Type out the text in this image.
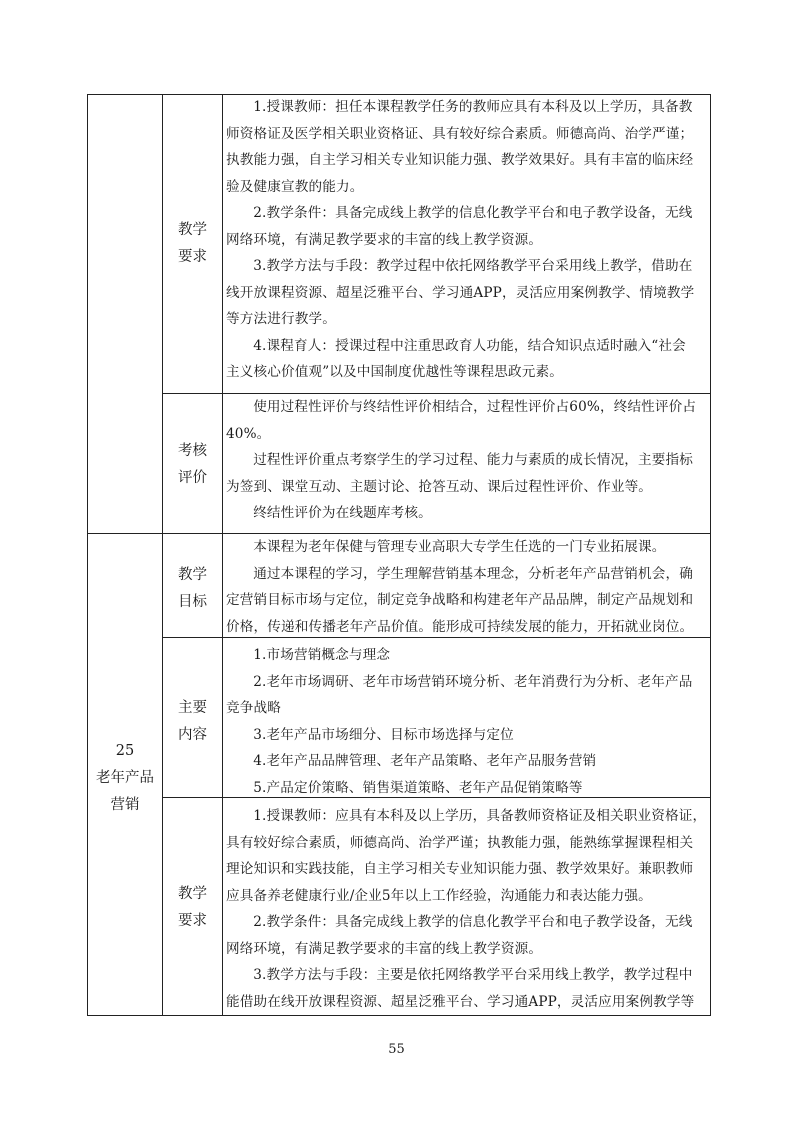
25
老年产品
营销
教学
要求
考核
评价
教学
目标
主要
内容
教学
要求

1.授课教师：担任本课程教学任务的教师应具有本科及以上学历，具备教

师资格证及医学相关职业资格证、具有较好综合素质。师德高尚、治学严谨；

执教能力强，自主学习相关专业知识能力强、教学效果好。具有丰富的临床经

验及健康宣教的能力。

2.教学条件：具备完成线上教学的信息化教学平台和电子教学设备，无线

网络环境，有满足教学要求的丰富的线上教学资源。

3.教学方法与手段：教学过程中依托网络教学平台采用线上教学，借助在

线开放课程资源、超星泛雅平台、学习通APP，灵活应用案例教学、情境教学

等方法进行教学。

4.课程育人：授课过程中注重思政育人功能，结合知识点适时融入“社会

主义核心价值观”以及中国制度优越性等课程思政元素。

使用过程性评价与终结性评价相结合，过程性评价占60%，终结性评价占

40%。

过程性评价重点考察学生的学习过程、能力与素质的成长情况，主要指标

为签到、课堂互动、主题讨论、抢答互动、课后过程性评价、作业等。

终结性评价为在线题库考核。

本课程为老年保健与管理专业高职大专学生任选的一门专业拓展课。

通过本课程的学习，学生理解营销基本理念，分析老年产品营销机会，确

定营销目标市场与定位，制定竞争战略和构建老年产品品牌，制定产品规划和

价格，传递和传播老年产品价值。能形成可持续发展的能力，开拓就业岗位。

1.市场营销概念与理念

2.老年市场调研、老年市场营销环境分析、老年消费行为分析、老年产品

竞争战略

3.老年产品市场细分、目标市场选择与定位

4.老年产品品牌管理、老年产品策略、老年产品服务营销

5.产品定价策略、销售渠道策略、老年产品促销策略等

1.授课教师：应具有本科及以上学历，具备教师资格证及相关职业资格证，

具有较好综合素质，师德高尚、治学严谨；执教能力强，能熟练掌握课程相关

理论知识和实践技能，自主学习相关专业知识能力强、教学效果好。兼职教师

应具备养老健康行业/企业5年以上工作经验，沟通能力和表达能力强。

2.教学条件：具备完成线上教学的信息化教学平台和电子教学设备，无线

网络环境，有满足教学要求的丰富的线上教学资源。

3.教学方法与手段：主要是依托网络教学平台采用线上教学，教学过程中

能借助在线开放课程资源、超星泛雅平台、学习通APP，灵活应用案例教学等

55
